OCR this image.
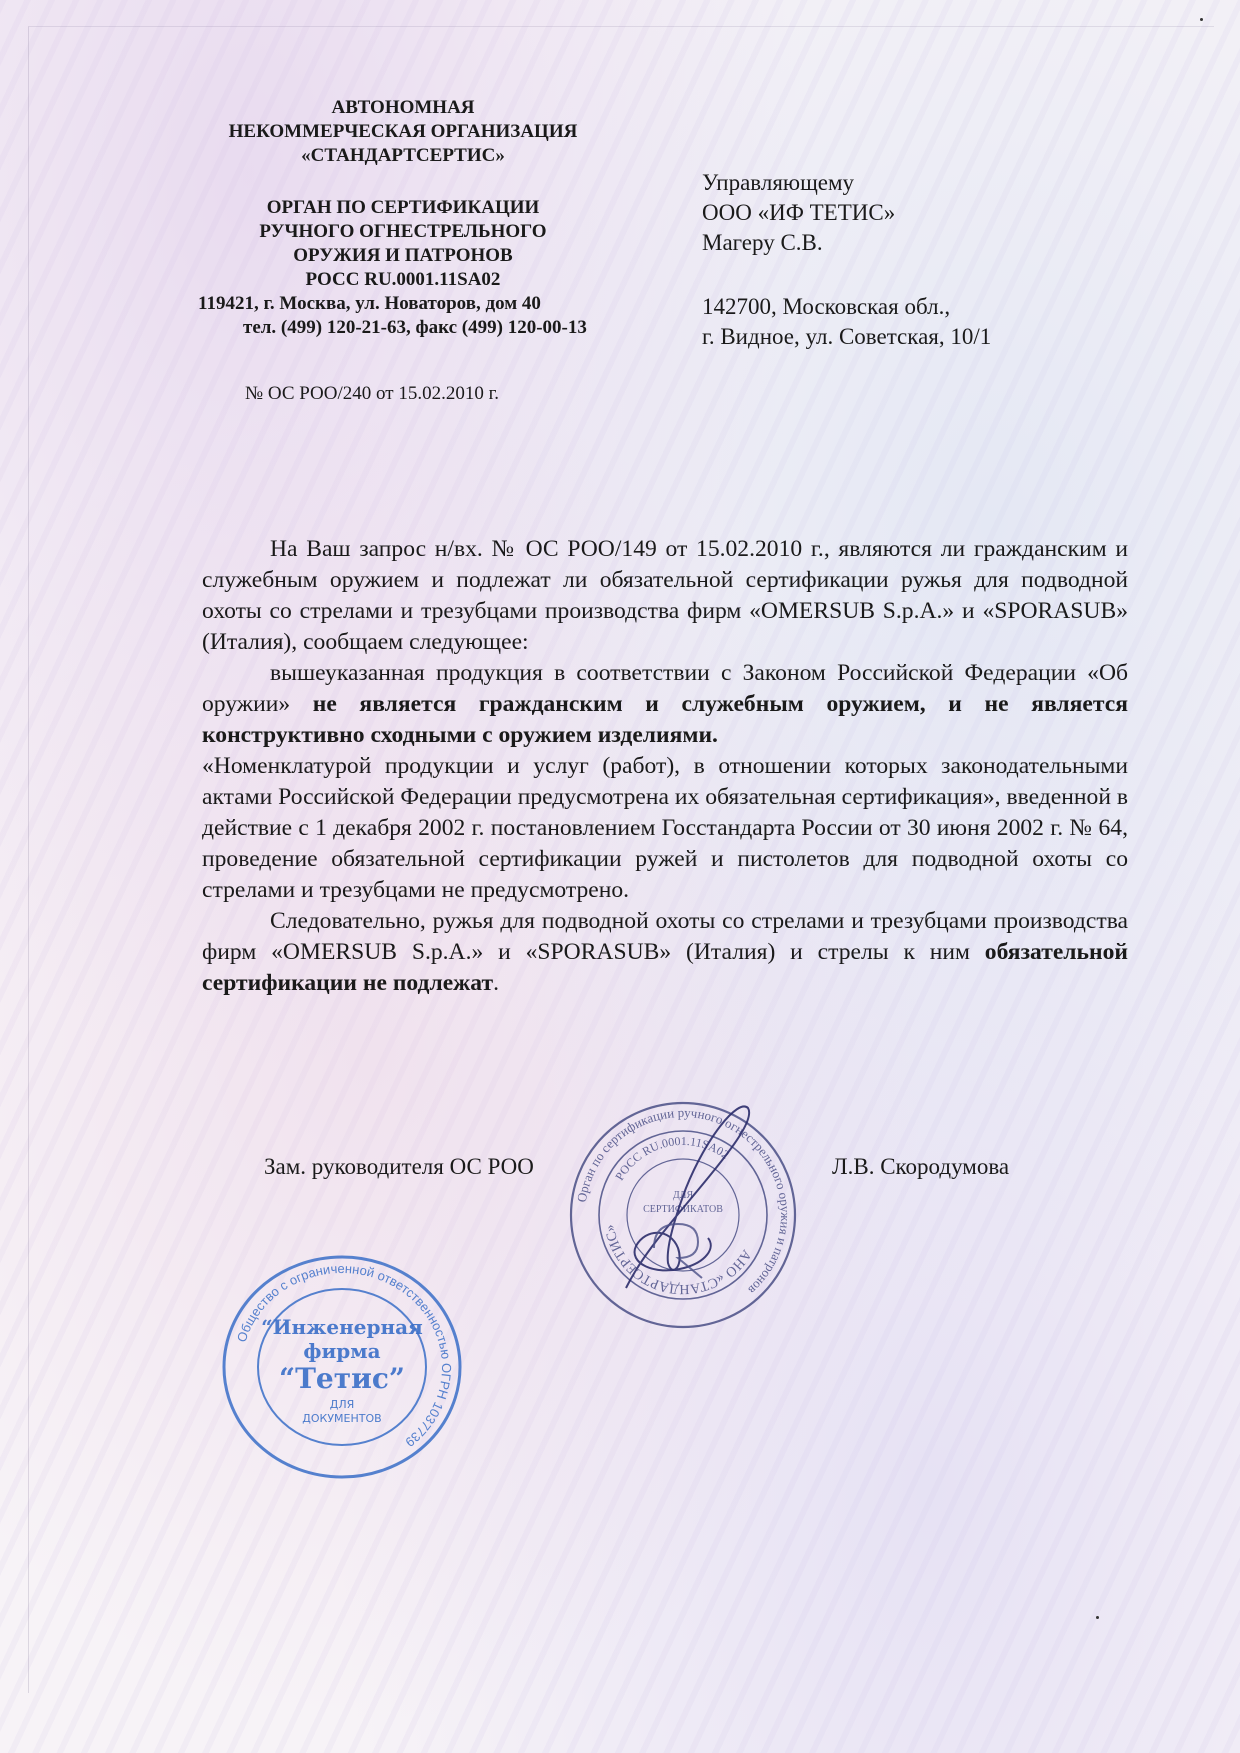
АВТОНОМНАЯ
НЕКОММЕРЧЕСКАЯ ОРГАНИЗАЦИЯ
«СТАНДАРТСЕРТИС»
ОРГАН ПО СЕРТИФИКАЦИИ
РУЧНОГО ОГНЕСТРЕЛЬНОГО
ОРУЖИЯ И ПАТРОНОВ
РОСС RU.0001.11SA02
119421, г. Москва, ул. Новаторов, дом 40
тел. (499) 120-21-63, факс (499) 120-00-13
№ ОС РОО/240 от 15.02.2010 г.
Управляющему
ООО «ИФ ТЕТИС»
Магеру С.В.
142700, Московская обл.,
г. Видное, ул. Советская, 10/1

На Ваш запрос н/вх. № ОС РОО/149 от 15.02.2010 г., являются ли гражданским и служебным оружием и подлежат ли обязательной сертификации ружья для подводной охоты со стрелами и трезубцами производства фирм «OMERSUB S.p.A.» и «SPORASUB» (Италия), сообщаем следующее:

вышеуказанная продукция в соответствии с Законом Российской Федерации «Об оружии» не является гражданским и служебным оружием, и не является конструктивно сходными с оружием изделиями.

«Номенклатурой продукции и услуг (работ), в отношении которых законодательными актами Российской Федерации предусмотрена их обязательная сертификация», введенной в действие с 1 декабря 2002 г. постановлением Госстандарта России от 30 июня 2002 г. № 64, проведение обязательной сертификации ружей и пистолетов для подводной охоты со стрелами и трезубцами не предусмотрено.

Следовательно, ружья для подводной охоты со стрелами и трезубцами производства фирм «OMERSUB S.p.A.» и «SPORASUB» (Италия) и стрелы к ним обязательной сертификации не подлежат.

Зам. руководителя ОС РОО	Л.В. Скородумова
Орган по сертификации ручного огнестрельного оружия и патронов
АНО «СТАНДАРТСЕРТИС»
РОСС RU.0001.11SA02
ДЛЯ
СЕРТИФИКАТОВ
Общество с ограниченной ответственностью ОГРН 1037739
“Инженерная
фирма
“Тетис”
ДЛЯ
ДОКУМЕНТОВ
